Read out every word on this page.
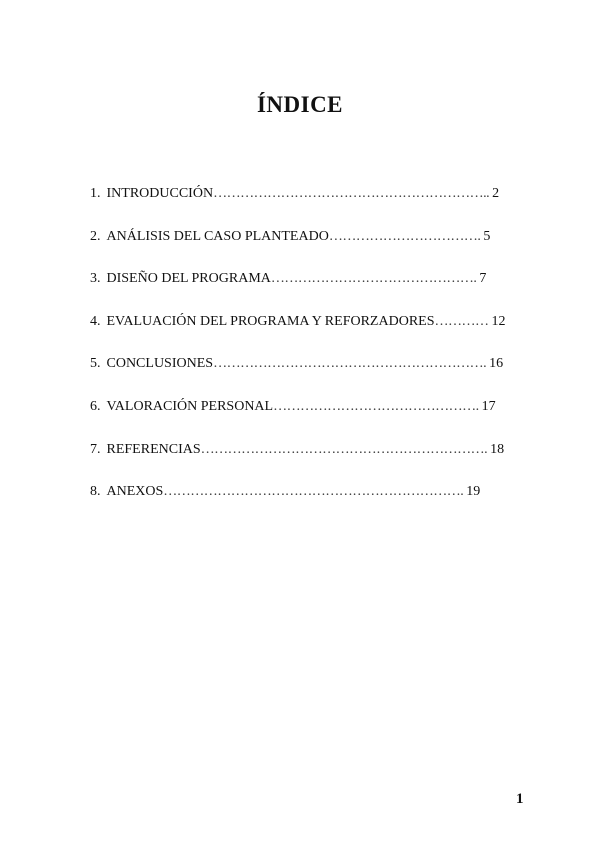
ÍNDICE
1. INTRODUCCIÓN…………………………………………………….. 2
2. ANÁLISIS DEL CASO PLANTEADO……………………………. 5
3. DISEÑO DEL PROGRAMA………………………………………. 7
4. EVALUACIÓN DEL PROGRAMA Y REFORZADORES………… 12
5. CONCLUSIONES……………………………………………………. 16
6. VALORACIÓN PERSONAL………………………………………. 17
7. REFERENCIAS………………………………………………………. 18
8. ANEXOS…………………………………………………………. 19
1
